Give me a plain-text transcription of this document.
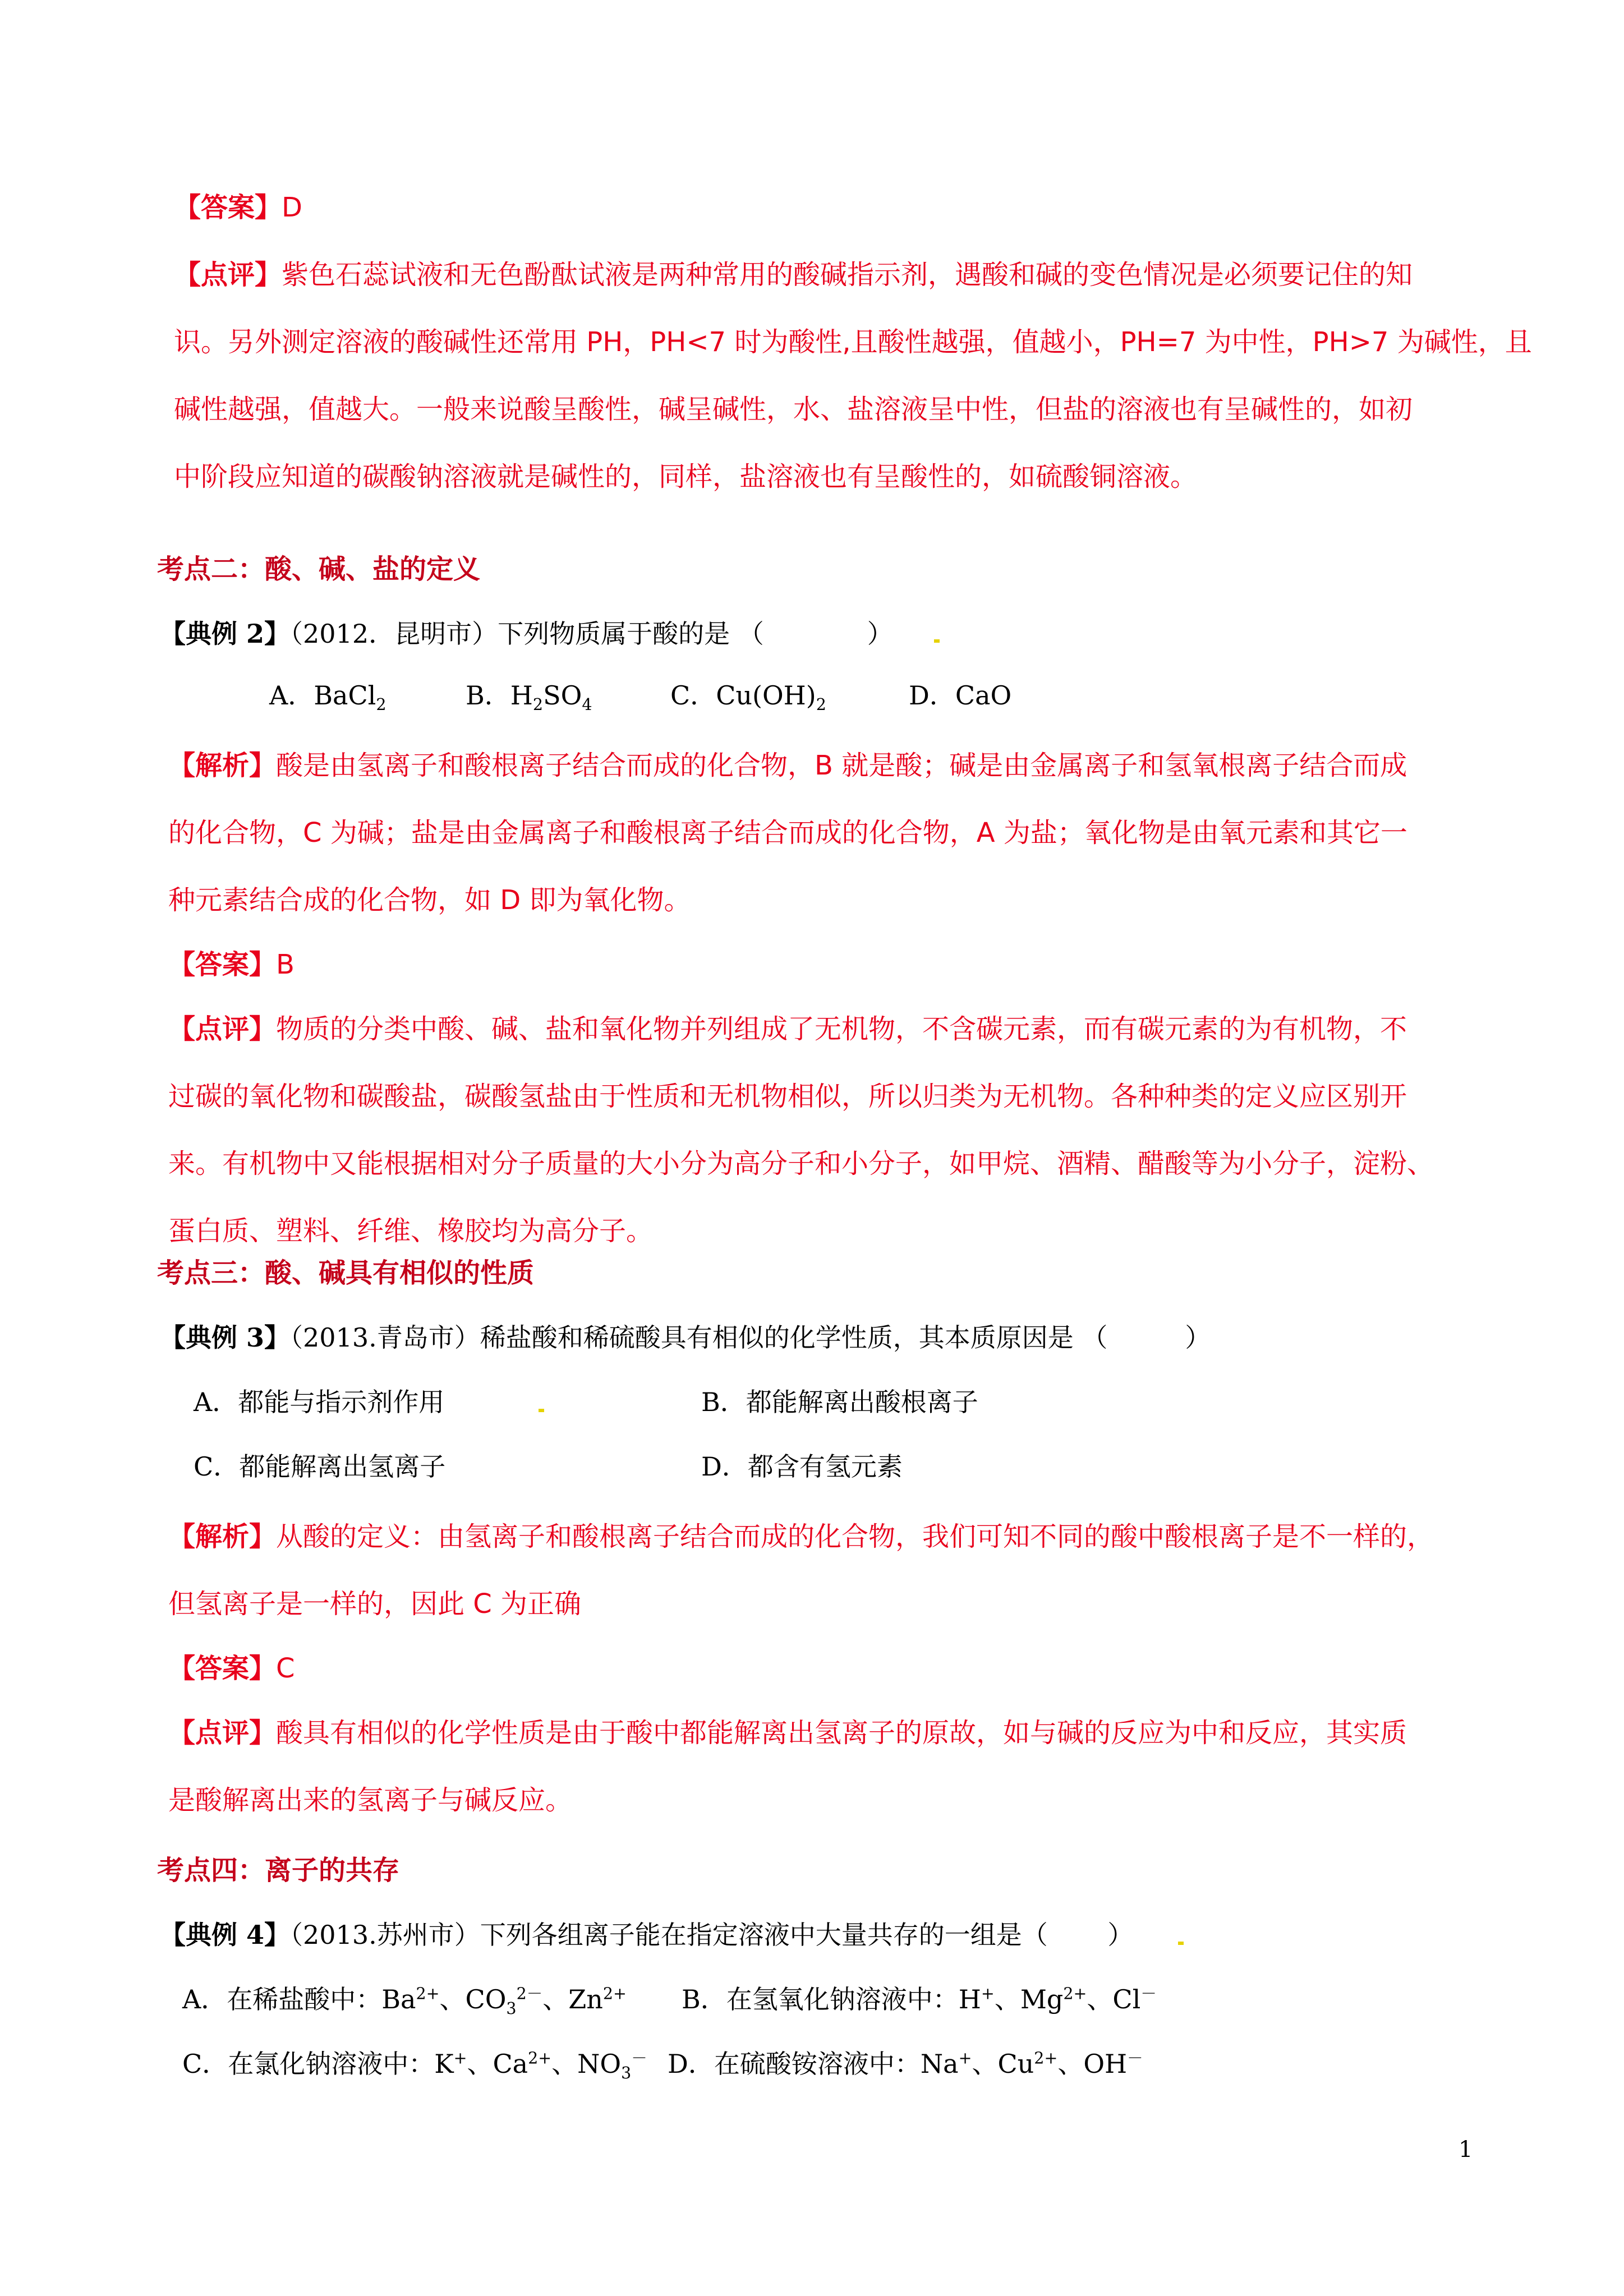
【答案】D
【点评】紫色石蕊试液和无色酚酞试液是两种常用的酸碱指示剂，遇酸和碱的变色情况是必须要记住的知
识。另外测定溶液的酸碱性还常用 PH，PH<7 时为酸性,且酸性越强，值越小，PH=7 为中性，PH>7 为碱性，且
碱性越强，值越大。一般来说酸呈酸性，碱呈碱性，水、盐溶液呈中性，但盐的溶液也有呈碱性的，如初
中阶段应知道的碳酸钠溶液就是碱性的，同样，盐溶液也有呈酸性的，如硫酸铜溶液。
考点二：酸、碱、盐的定义
【典例 2】（2012．昆明市）下列物质属于酸的是 （　　　　）
A．BaCl$_2$	B．$H_2SO_4$	C．$Cu(OH)_2$	D．CaO
【解析】酸是由氢离子和酸根离子结合而成的化合物，B 就是酸；碱是由金属离子和氢氧根离子结合而成
的化合物，C 为碱；盐是由金属离子和酸根离子结合而成的化合物，A 为盐；氧化物是由氧元素和其它一
种元素结合成的化合物，如 D 即为氧化物。
【答案】B
【点评】物质的分类中酸、碱、盐和氧化物并列组成了无机物，不含碳元素，而有碳元素的为有机物，不
过碳的氧化物和碳酸盐，碳酸氢盐由于性质和无机物相似，所以归类为无机物。各种种类的定义应区别开
来。有机物中又能根据相对分子质量的大小分为高分子和小分子，如甲烷、酒精、醋酸等为小分子，淀粉、
蛋白质、塑料、纤维、橡胶均为高分子。
考点三：酸、碱具有相似的性质
【典例 3】（2013.青岛市）稀盐酸和稀硫酸具有相似的化学性质，其本质原因是 （　　　）
A．都能与指示剂作用	B．都能解离出酸根离子
C．都能解离出氢离子	D．都含有氢元素
【解析】从酸的定义：由氢离子和酸根离子结合而成的化合物，我们可知不同的酸中酸根离子是不一样的，
但氢离子是一样的，因此 C 为正确
【答案】C
【点评】酸具有相似的化学性质是由于酸中都能解离出氢离子的原故，如与碱的反应为中和反应，其实质
是酸解离出来的氢离子与碱反应。
考点四：离子的共存
【典例 4】（2013.苏州市）下列各组离子能在指定溶液中大量共存的一组是（　　 ）
A．在稀盐酸中：$Ba^{2+}$、$CO_3^{2-}$、$Zn^{2+}$ B．在氢氧化钠溶液中：H+、$Mg^{2+}$、Cl－
C．在氯化钠溶液中：K+、$Ca^{2+}$、$NO_3^-$ D．在硫酸铵溶液中：Na+、$Cu^{2+}$、OH－
1
